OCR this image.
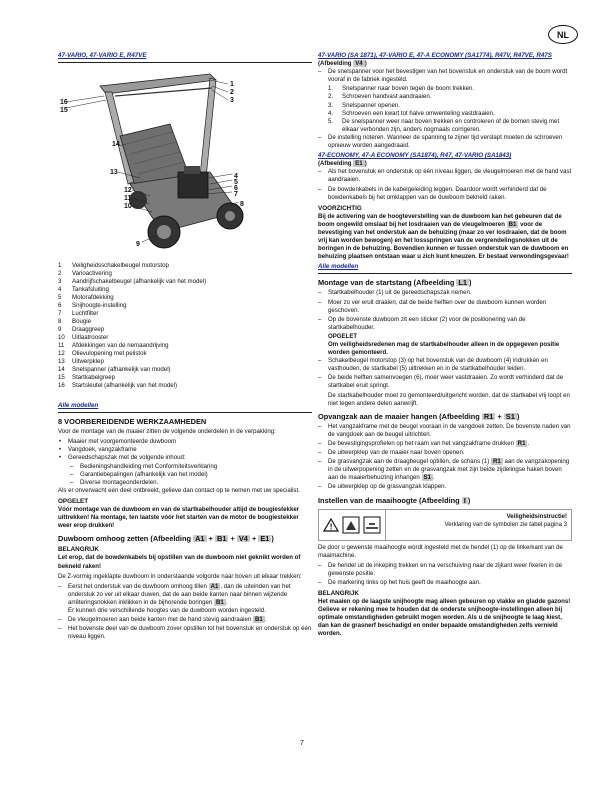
NL
47-VARIO, 47-VARIO E, R47VE
1
2
3
16
15
14
13
4
5
6
7
8
12
11
10
9
1	Veiligheidsschakelbeugel motorstop
2	Varioactivering
3	Aandrijfschakelbeugel (afhankelijk van het model)
4	Tankafsluiting
5	Motorafdekking
6	Snijhoogte-instelling
7	Luchtfilter
8	Bougie
9	Draaggreep
10	Uitlaatrooster
11	Afdekkingen van de riemaandrijving
12	Olievulopening met peilstok
13	Uitwerpklep
14	Snelspanner (afhankelijk van model)
15	Startkabelgreep
16	Startsleutel (afhankelijk van het model)
Alle modellen
8 VOORBEREIDENDE WERKZAAMHEDEN
Voor de montage van de maaier zitten de volgende onderdelen in de verpakking:
• Maaier met voorgemonteerde duwboom
• Vangdoek, vangzakframe
• Gereedschapszak met de volgende inhoud:
– Bedieningshandleiding met Conformiteitsverklaring
– Garantiebepalingen (afhankelijk van het model)
– Diverse montageonderdelen.
Als er onverwacht een deel ontbreekt, gelieve dan contact op te nemen met uw specialist.
OPGELET
Vóór montage van de duwboom en van de startkabelhouder altijd de bougiestekker uittrekken! Na montage, ten laatste vóór het starten van de motor de bougiestekker weer erop drukken!
Duwboom omhoog zetten (Afbeelding A1 + B1 + V4 + E1 )
BELANGRIJK
Let erop, dat de bowdenkabels bij opstillen van de duwboom niet geknikt worden of bekneld raken!
De Z-vormig ingeklapte duwboom in onderstaande volgorde naar boven uit elkaar trekken:
– Eerst het onderstuk van de duwboom omhoog tillen A1 , dan de uiteinden van het onderstuk zo ver uit elkaar duwen, dat de aan beide kanten naar binnen wijzende arrêteringsnokken inklikken in de bijhorende boringen B1 .
Er kunnen drie verschillende hoogtes van de duwboom worden ingesteld.
– De vleugelmoeren aan beide kanten met de hand stevig aandraaien B1 .
– Het bovenste deel van de duwboom zover opstillen tot het bovenstuk en onderstuk op één niveau liggen.
47-VARIO (SA 1871), 47-VARIO E, 47-A ECONOMY (SA1774), R47V, R47VE, R47S
(Afbeelding V4 )
– De snelspanner voor het bevestigen van het bovenstuk en onderstuk van de boom wordt vooraf in de fabriek ingesteld.
1. Snelspanner naar boven tegen de boom trekken.
2. Schroeven handvast aandraaien.
3. Snelspanner openen.
4. Schroeven een kwart tot halve omwenteling vastdraaien.
5. De snelspanner weer naar boven trekken en controleren of de bomen stevig met elkaar verbonden zijn, anders nogmaals corrigeren.
– De instelling noteren. Wanneer de spanning te zijner tijd verslapt moeten de schroeven opnieuw worden aangedraaid.
47-ECONOMY, 47-A ECONOMY (SA1874), R47, 47-VARIO (SA1843)
(Afbeelding E1 )
– Als het bovenstuk en onderstuk op één niveau liggen, de vleugelmoeren met de hand vast aandraaien.
– De bowdenkabels in de kabelgeleiding leggen. Daardoor wordt verhinderd dat de bowdenkabels bij het omklappen van de duwboom bekneld raken.
VOORZICHTIG
Bij de activering van de hoogteverstelling van de duwboom kan het gebeuren dat de boom ongewild omslaat bij het losdraaien van de vleugelmoeren B1 voor de bevestiging van het onderstuk aan de behuizing (maar zo ver losdraaien, dat de boom vrij kan worden bewogen) en het lossspringen van de vergrendelingsnokken uit de boringen in de behuizing. Bovendien kunnen er tussen onderstuk van de duwboom en behuizing plaatsen ontstaan waar u zich kunt kneuzen. Er bestaat verwondingsgevaar!
Alle modellen
Montage van de startstang (Afbeelding L1 )
– Startkabelhouder (1) uit de gereedschapszak nemen.
– Moer zo ver eruit draaien, dat de beide helften over de duwboom kunnen worden geschoven.
– Op de bovenste duwboom zit een sticker (2) voor de positionering van de startkabelhouder.
OPGELET
Om veiligheidsredenen mag de startkabelhouder alleen in de opgegeven positie worden gemonteerd.
– Schakelbeugel motorstop (3) op het bovenstuk van de duwboom (4) indrukken en vasthouden, de startkabel (5) uittrekken en in de startkabelhouder leiden.
– De beide helften samenvoegen (6), moer weer vastdraaien. Zo wordt verhinderd dat de startkabel eruit springt.
De startkabelhouder moet zo gemonteerd/uitgericht worden, dat de startkabel vrij loopt en niet tegen andere delen aanwrijft.
Opvangzak aan de maaier hangen (Afbeelding R1 + S1 )
– Het vangzakframe met de beugel vooraan in de vangdoek zetten. De bovenste naden van de vangdoek aan de beugel uitrichten.
– De bevestigingsprofielen op het raam van het vangzakframe drukken R1 .
– De uitwerpklep van de maaier naar boven openen.
– De grasvangzak aan de draagbeugel optillen, de schans (1) R1 aan de vangzakopening in de uitwerpopening zetten en de grasvangzak met zijn beide zijdelingse haken boven aan de maaierbehuizing inhangen S1 .
– De uitwerpklep op de grasvangzak klappen.
Instellen van de maaihoogte (Afbeelding I )
!
Veiligheidsinstructie!
Verklaring van de symbolen zie tabel pagina 3
De door u gewenste maaihoogte wordt ingesteld met de hendel (1) op de linkerkant van de maaimachine.
– De hendel uit de inkeping trekken en na verschuiving naar de zijkant weer fixeren in de gewenste positie.
– De markering links op het huis geeft de maaihoogte aan.
BELANGRIJK
Het maaien op de laagste snijhoogte mag alleen gebeuren op vlakke en gladde gazons!
Gelieve er rekening mee te houden dat de onderste snijhoogte-instellingen alleen bij optimale omstandigheden gebruikt mogen worden. Als u de snijhoogte te laag kiest, dan kan de grasnerf beschadigd en onder bepaalde omstandigheden zelfs vernield worden.
7
